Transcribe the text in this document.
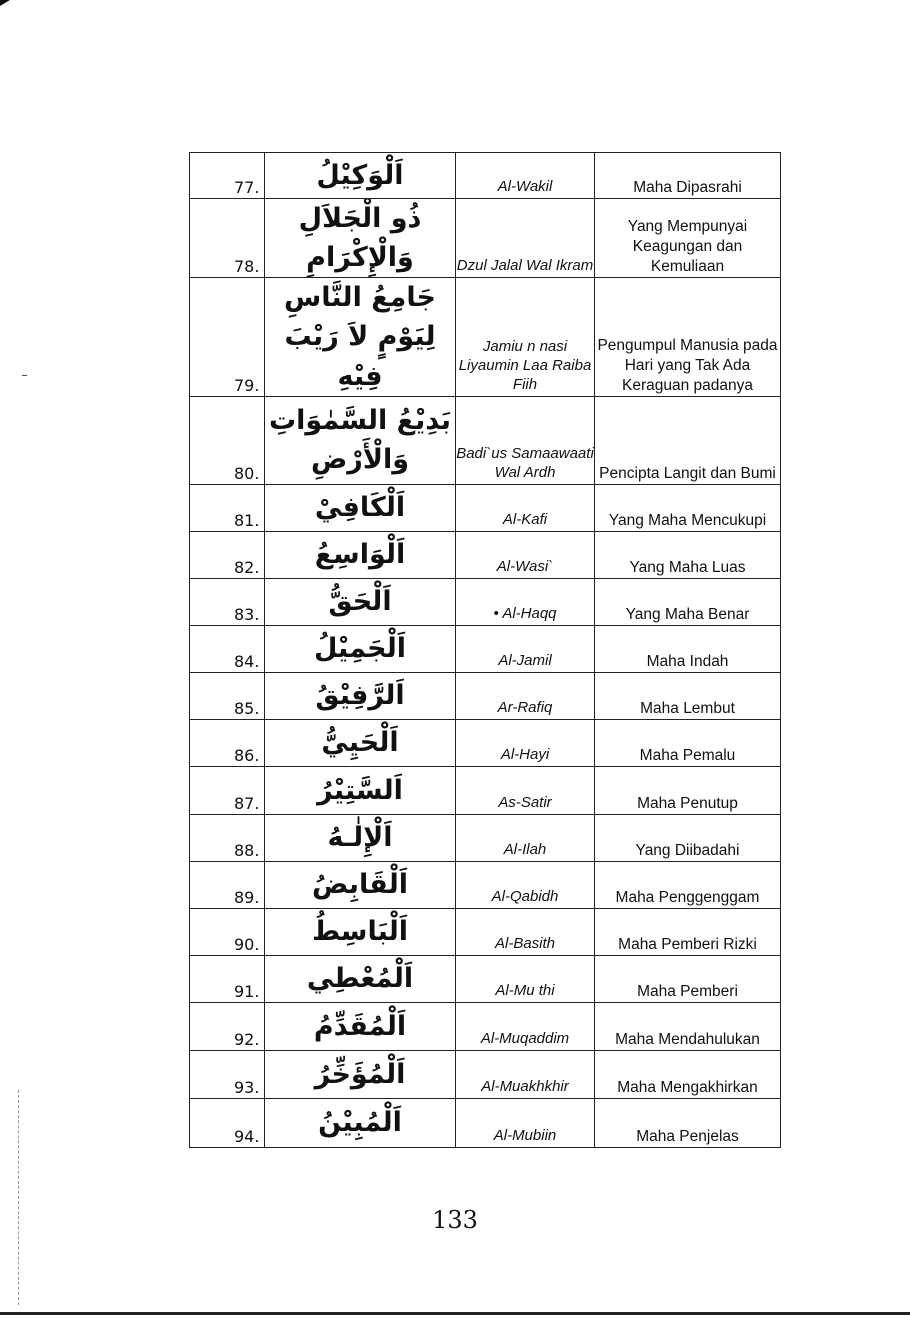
77.	اَلْوَكِيْلُ	Al-Wakil	Maha Dipasrahi
78.	ذُو الْجَلاَلِ وَالْإِكْرَامِ	Dzul Jalal Wal Ikram	Yang Mempunyai Keagungan dan Kemuliaan
79.	جَامِعُ النَّاسِ لِيَوْمٍ لاَ رَيْبَ فِيْهِ	Jamiu n nasi Liyaumin Laa Raiba Fiih	Pengumpul Manusia pada Hari yang Tak Ada Keraguan padanya
80.	بَدِيْعُ السَّمٰوَاتِ وَالْأَرْضِ	Badi`us Samaawaati Wal Ardh	Pencipta Langit dan Bumi
81.	اَلْكَافِيْ	Al-Kafi	Yang Maha Mencukupi
82.	اَلْوَاسِعُ	Al-Wasi`	Yang Maha Luas
83.	اَلْحَقُّ	• Al-Haqq	Yang Maha Benar
84.	اَلْجَمِيْلُ	Al-Jamil	Maha Indah
85.	اَلرَّفِيْقُ	Ar-Rafiq	Maha Lembut
86.	اَلْحَيِيُّ	Al-Hayi	Maha Pemalu
87.	اَلسَّتِيْرُ	As-Satir	Maha Penutup
88.	اَلْإِلٰـهُ	Al-Ilah	Yang Diibadahi
89.	اَلْقَابِضُ	Al-Qabidh	Maha Penggenggam
90.	اَلْبَاسِطُ	Al-Basith	Maha Pemberi Rizki
91.	اَلْمُعْطِي	Al-Mu thi	Maha Pemberi
92.	اَلْمُقَدِّمُ	Al-Muqaddim	Maha Mendahulukan
93.	اَلْمُؤَخِّرُ	Al-Muakhkhir	Maha Mengakhirkan
94.	اَلْمُبِيْنُ	Al-Mubiin	Maha Penjelas
133
